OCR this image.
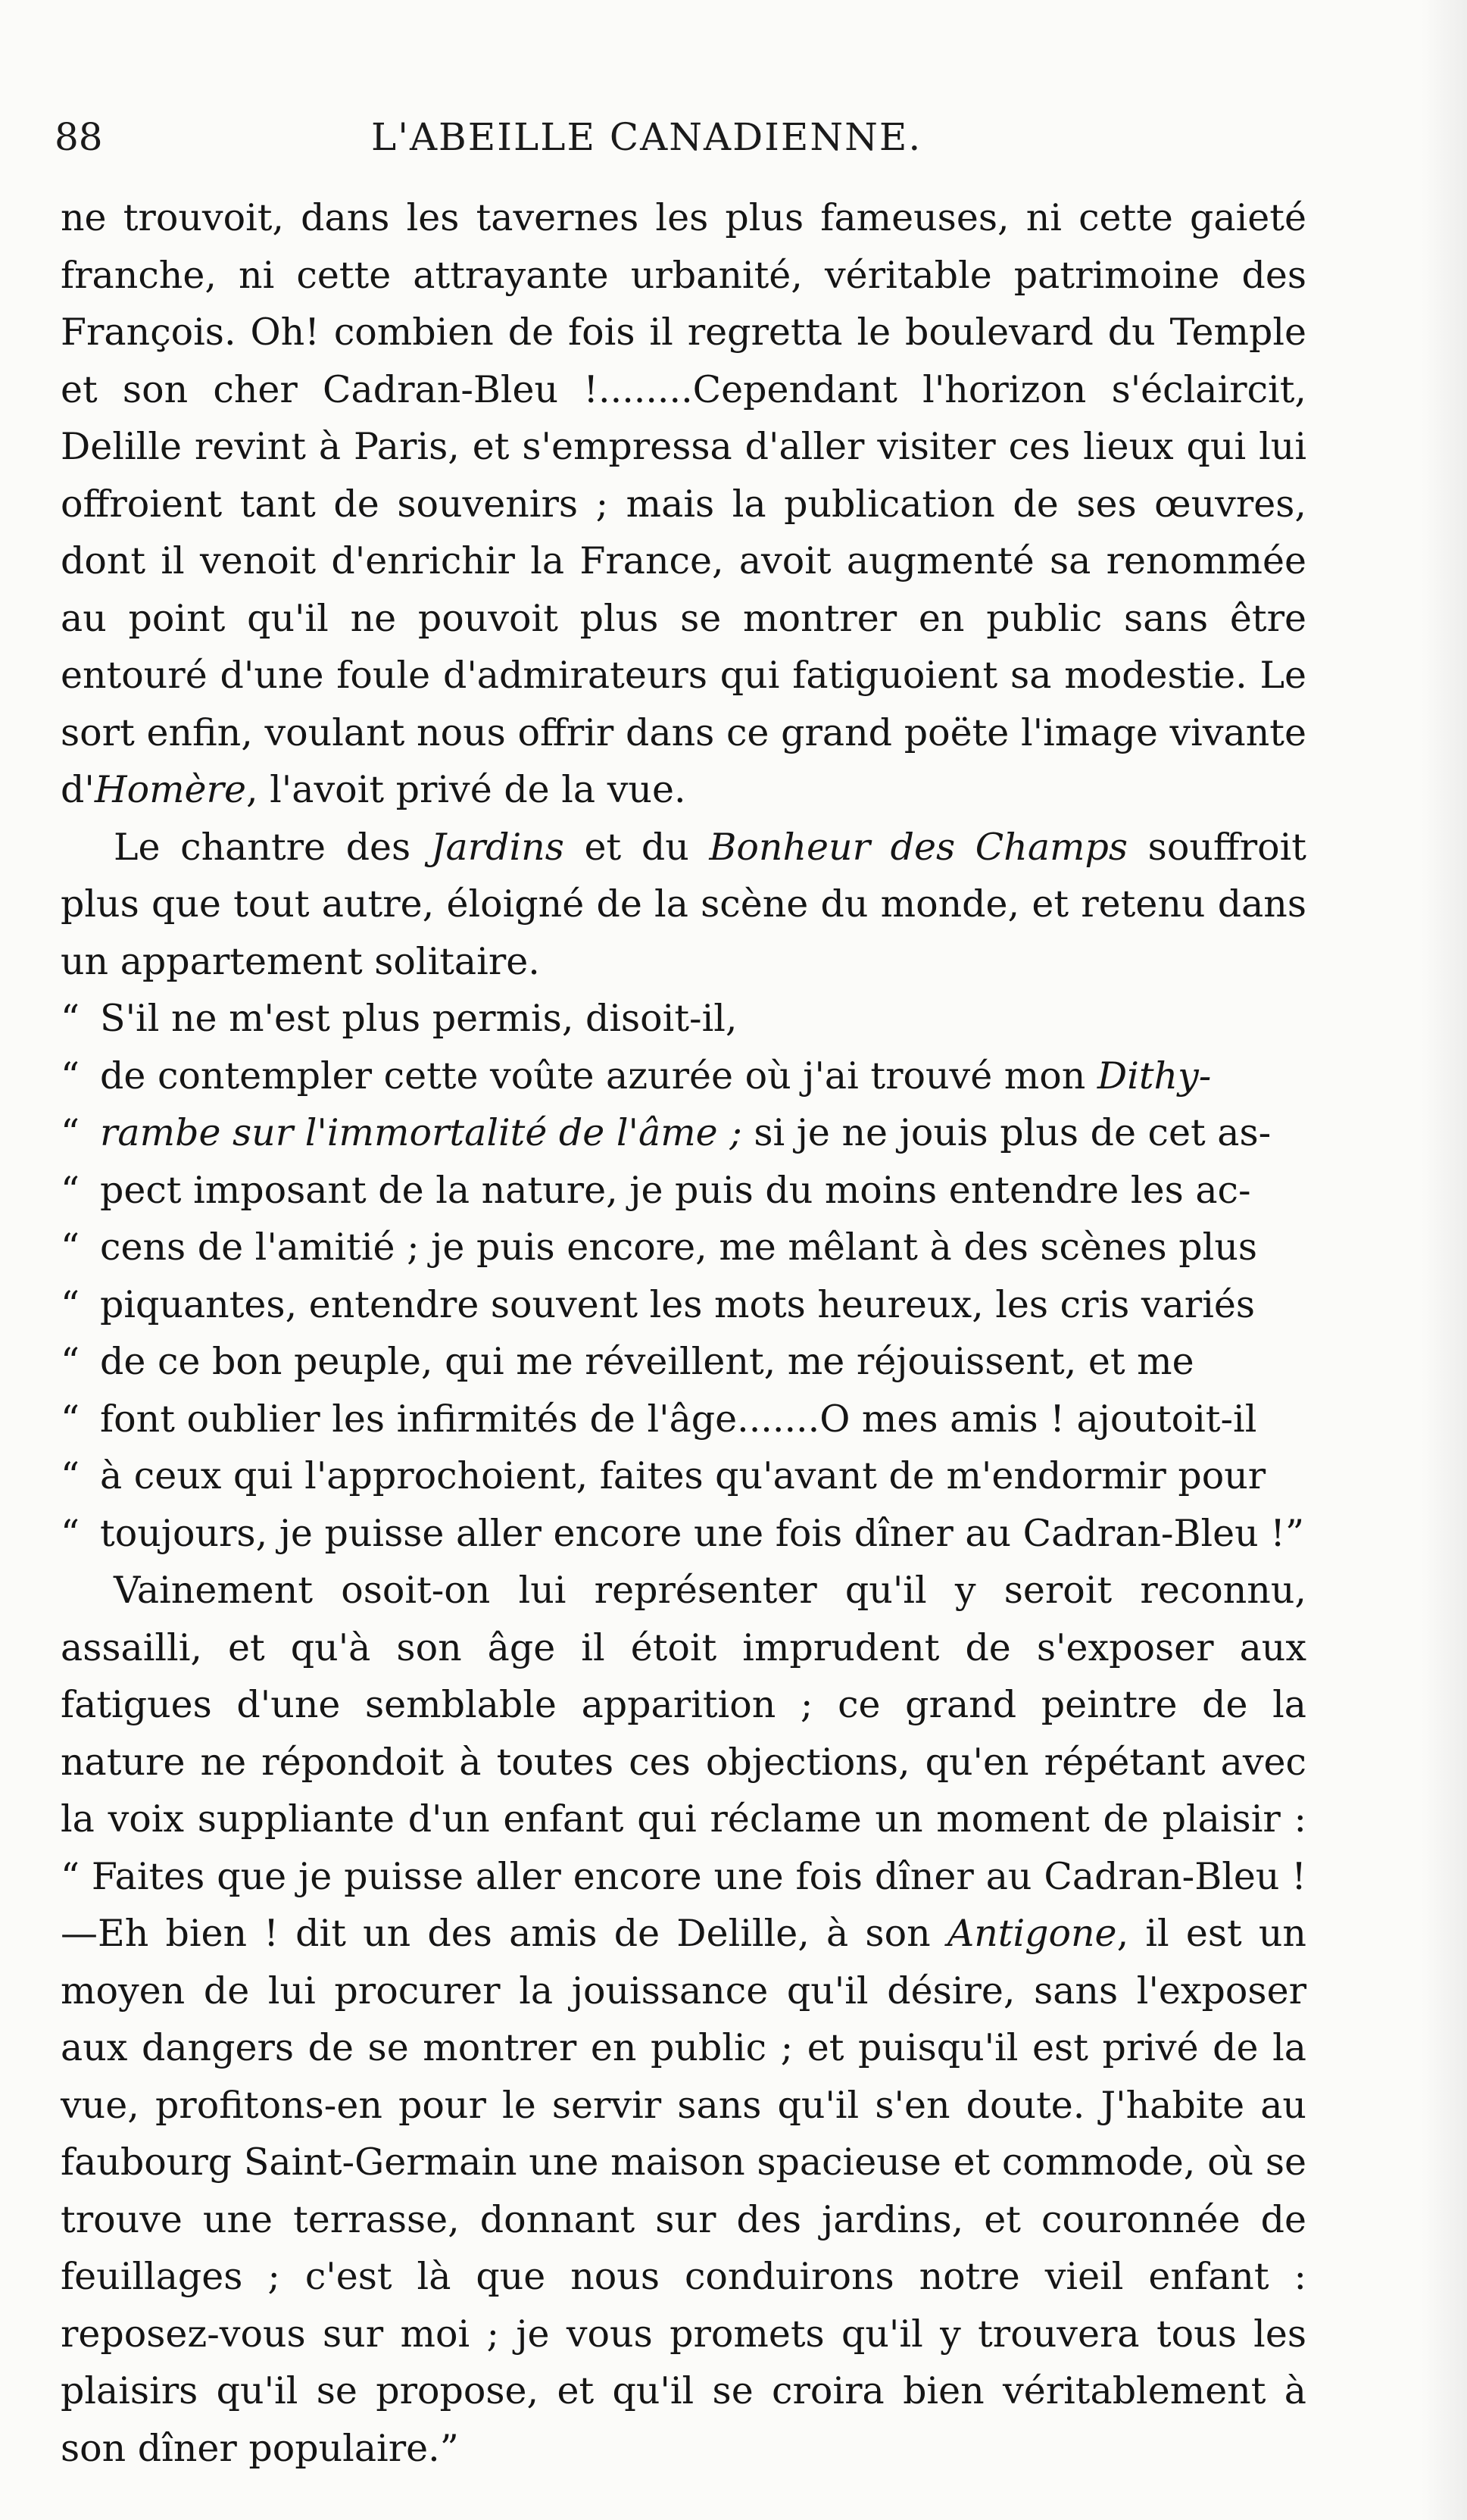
88	L'ABEILLE CANADIENNE.

ne trouvoit, dans les tavernes les plus fameuses, ni cette gaieté franche, ni cette attrayante urbanité, véritable patrimoine des François. Oh! combien de fois il regretta le boulevard du Temple et son cher Cadran-Bleu !........Cependant l'horizon s'éclaircit, Delille revint à Paris, et s'empressa d'aller visiter ces lieux qui lui offroient tant de souvenirs ; mais la publication de ses œuvres, dont il venoit d'enrichir la France, avoit augmenté sa renommée au point qu'il ne pouvoit plus se montrer en public sans être entouré d'une foule d'admirateurs qui fatiguoient sa modestie. Le sort enfin, voulant nous offrir dans ce grand poëte l'image vivante d'Homère, l'avoit privé de la vue.

Le chantre des Jardins et du Bonheur des Champs souffroit plus que tout autre, éloigné de la scène du monde, et retenu dans un appartement solitaire.

“ S'il ne m'est plus permis, disoit-il,
“ de contempler cette voûte azurée où j'ai trouvé mon Dithy-
“ rambe sur l'immortalité de l'âme ; si je ne jouis plus de cet as-
“ pect imposant de la nature, je puis du moins entendre les ac-
“ cens de l'amitié ; je puis encore, me mêlant à des scènes plus
“ piquantes, entendre souvent les mots heureux, les cris variés
“ de ce bon peuple, qui me réveillent, me réjouissent, et me
“ font oublier les infirmités de l'âge.......O mes amis ! ajoutoit-il
“ à ceux qui l'approchoient, faites qu'avant de m'endormir pour
“ toujours, je puisse aller encore une fois dîner au Cadran-Bleu !”

Vainement osoit-on lui représenter qu'il y seroit reconnu, assailli, et qu'à son âge il étoit imprudent de s'exposer aux fatigues d'une semblable apparition ; ce grand peintre de la nature ne répondoit à toutes ces objections, qu'en répétant avec la voix suppliante d'un enfant qui réclame un moment de plaisir : “ Faites que je puisse aller encore une fois dîner au Cadran-Bleu !—Eh bien ! dit un des amis de Delille, à son Antigone, il est un moyen de lui procurer la jouissance qu'il désire, sans l'exposer aux dangers de se montrer en public ; et puisqu'il est privé de la vue, profitons-en pour le servir sans qu'il s'en doute. J'habite au faubourg Saint-Germain une maison spacieuse et commode, où se trouve une terrasse, donnant sur des jardins, et couronnée de feuillages ; c'est là que nous conduirons notre vieil enfant : reposez-vous sur moi ; je vous promets qu'il y trouvera tous les plaisirs qu'il se propose, et qu'il se croira bien véritablement à son dîner populaire.”
